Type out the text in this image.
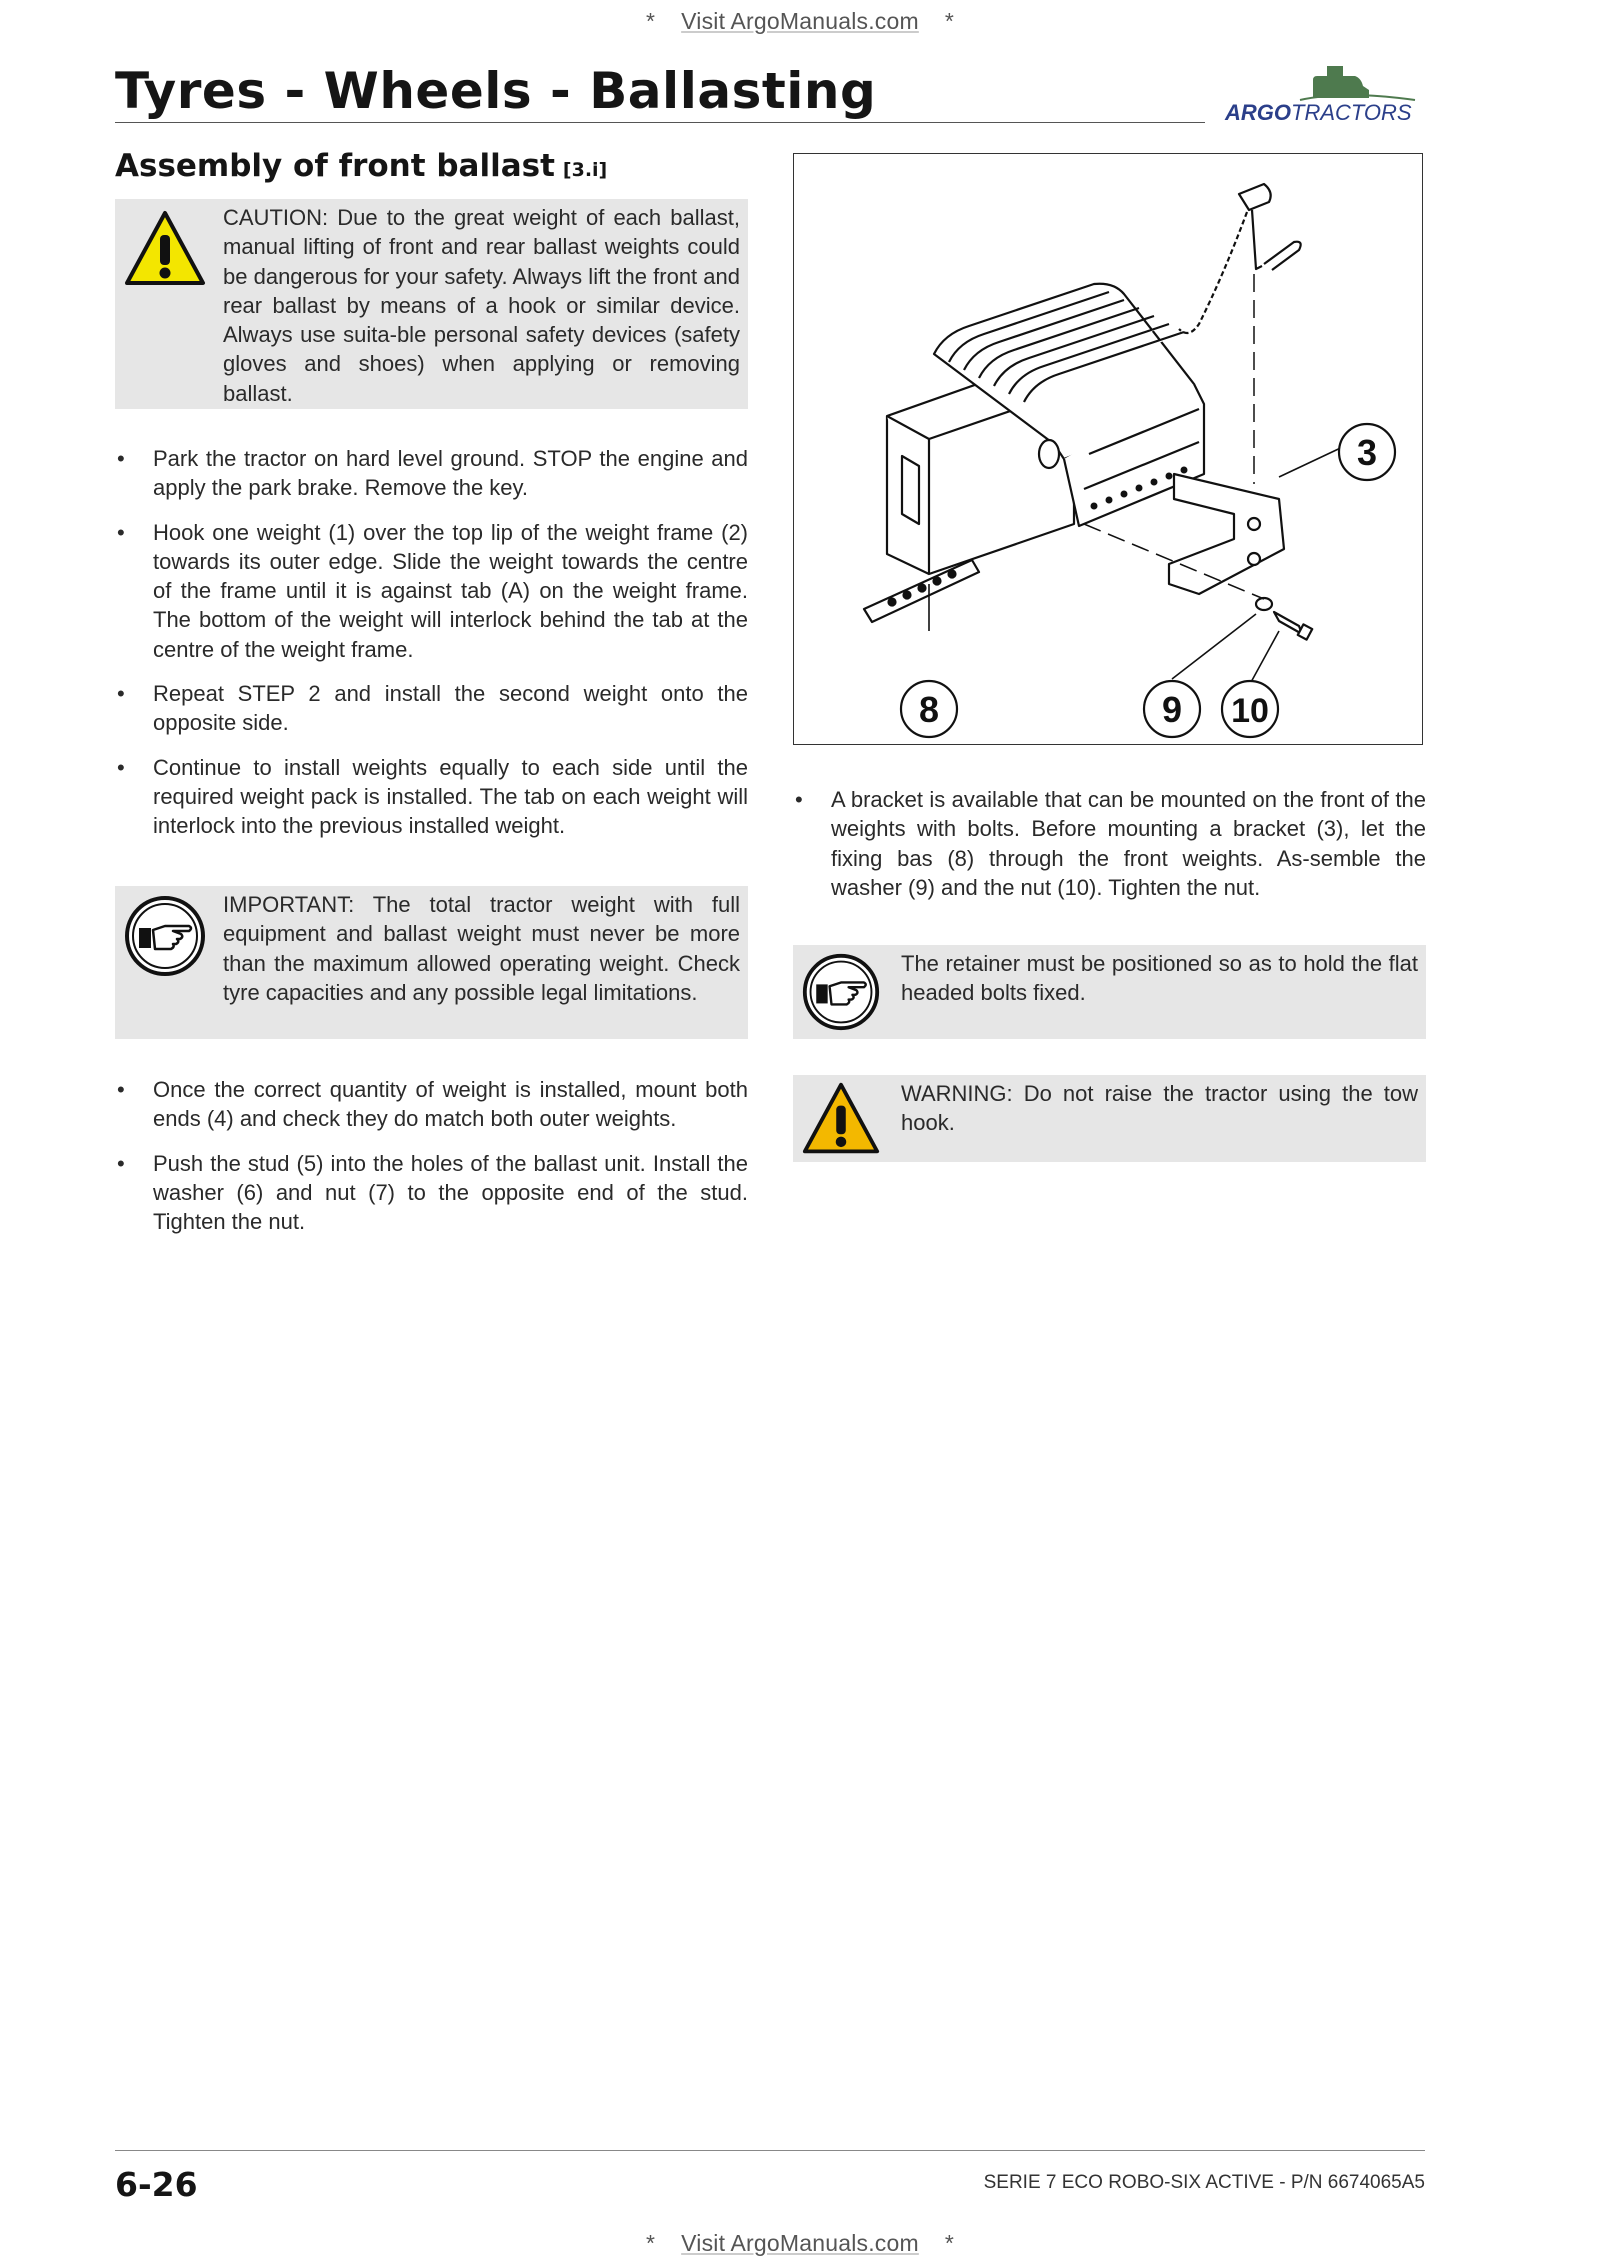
* Visit ArgoManuals.com *
Tyres - Wheels - Ballasting	ARGOTRACTORS
Assembly of front ballast [3.i]
CAUTION: Due to the great weight of each ballast, manual lifting of front and rear ballast weights could be dangerous for your safety. Always lift the front and rear ballast by means of a hook or similar device. Always use suita-ble personal safety devices (safety gloves and shoes) when applying or removing ballast.
• Park the tractor on hard level ground. STOP the engine and apply the park brake. Remove the key.
• Hook one weight (1) over the top lip of the weight frame (2) towards its outer edge. Slide the weight towards the centre of the frame until it is against tab (A) on the weight frame. The bottom of the weight will interlock behind the tab at the centre of the weight frame.
• Repeat STEP 2 and install the second weight onto the opposite side.
• Continue to install weights equally to each side until the required weight pack is installed. The tab on each weight will interlock into the previous installed weight.
IMPORTANT: The total tractor weight with full equipment and ballast weight must never be more than the maximum allowed operating weight. Check tyre capacities and any possible legal limitations.
• Once the correct quantity of weight is installed, mount both ends (4) and check they do match both outer weights.
• Push the stud (5) into the holes of the ballast unit. Install the washer (6) and nut (7) to the opposite end of the stud. Tighten the nut.
3
8	9 10
• A bracket is available that can be mounted on the front of the weights with bolts. Before mounting a bracket (3), let the fixing bas (8) through the front weights. As-semble the washer (9) and the nut (10). Tighten the nut.
The retainer must be positioned so as to hold the flat headed bolts fixed.
WARNING: Do not raise the tractor using the tow hook.
6-26	SERIE 7 ECO ROBO-SIX ACTIVE - P/N 6674065A5
* Visit ArgoManuals.com *
